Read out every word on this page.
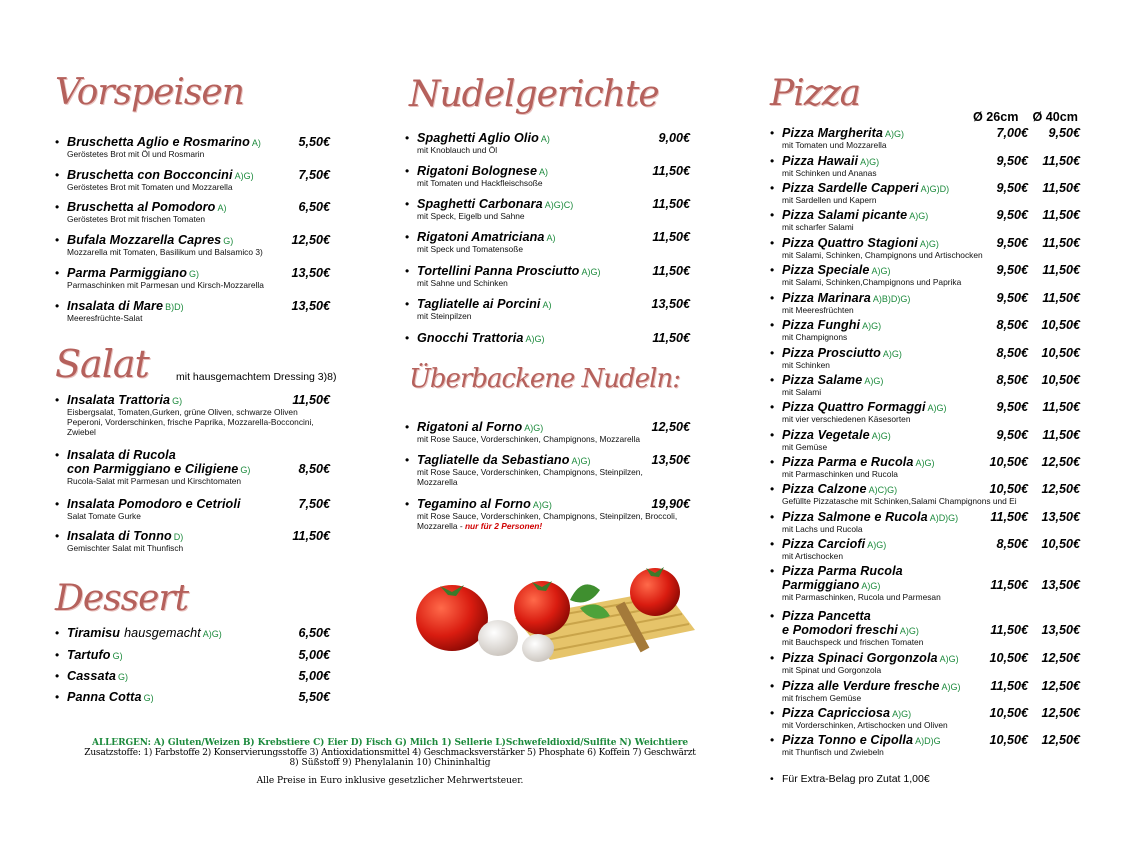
Vorspeisen
• Bruschetta Aglio e Rosmarino A)	5,50€
Geröstetes Brot mit Öl und Rosmarin
• Bruschetta con Bocconcini A)G)	7,50€
Geröstetes Brot mit Tomaten und Mozzarella
• Bruschetta al Pomodoro A)	6,50€
Geröstetes Brot mit frischen Tomaten
• Bufala Mozzarella Capres G)	12,50€
Mozzarella mit Tomaten, Basilikum und Balsamico 3)
• Parma Parmiggiano G)	13,50€
Parmaschinken mit Parmesan und Kirsch-Mozzarella
• Insalata di Mare B)D)	13,50€
Meeresfrüchte-Salat
Salat	mit hausgemachtem Dressing 3)8)
• Insalata Trattoria G)	11,50€
Eisbergsalat, Tomaten,Gurken, grüne Oliven, schwarze Oliven Peperoni, Vorderschinken, frische Paprika, Mozzarella-Bocconcini, Zwiebel
• Insalata di Rucola
con Parmiggiano e Ciligiene G)	8,50€
Rucola-Salat mit Parmesan und Kirschtomaten
• Insalata Pomodoro e Cetrioli	7,50€
Salat Tomate Gurke
• Insalata di Tonno D)	11,50€
Gemischter Salat mit Thunfisch
Dessert
• Tiramisu hausgemacht A)G)	6,50€
• Tartufo G)	5,00€
• Cassata G)	5,00€
• Panna Cotta G)	5,50€
Nudelgerichte
• Spaghetti Aglio Olio A)	9,00€
mit Knoblauch und Öl
• Rigatoni Bolognese A)	11,50€
mit Tomaten und Hackfleischsoße
• Spaghetti Carbonara A)G)C)	11,50€
mit Speck, Eigelb und Sahne
• Rigatoni Amatriciana A)	11,50€
mit Speck und Tomatensoße
• Tortellini Panna Prosciutto A)G)	11,50€
mit Sahne und Schinken
• Tagliatelle ai Porcini A)	13,50€
mit Steinpilzen
• Gnocchi Trattoria A)G)	11,50€
Überbackene Nudeln:
• Rigatoni al Forno A)G)	12,50€
mit Rose Sauce, Vorderschinken, Champignons, Mozzarella
• Tagliatelle da Sebastiano A)G)	13,50€
mit Rose Sauce, Vorderschinken, Champignons, Steinpilzen, Mozzarella
• Tegamino al Forno A)G)	19,90€
mit Rose Sauce, Vorderschinken, Champignons, Steinpilzen, Broccoli, Mozzarella - nur für 2 Personen!
ALLERGEN: A) Gluten/Weizen B) Krebstiere C) Eier D) Fisch G) Milch 1) Sellerie L)Schwefeldioxid/Sulfite N) Weichtiere
Zusatzstoffe: 1) Farbstoffe 2) Konservierungsstoffe 3) Antioxidationsmittel 4) Geschmacksverstärker 5) Phosphate 6) Koffein 7) Geschwärzt
8) Süßstoff 9) Phenylalanin 10) Chininhaltig
Alle Preise in Euro inklusive gesetzlicher Mehrwertsteuer.
Pizza
Ø 26cm Ø 40cm
• Pizza Margherita A)G)	7,00€	9,50€
mit Tomaten und Mozzarella
• Pizza Hawaii A)G)	9,50€	11,50€
mit Schinken und Ananas
• Pizza Sardelle Capperi A)G)D)	9,50€	11,50€
mit Sardellen und Kapern
• Pizza Salami picante A)G)	9,50€	11,50€
mit scharfer Salami
• Pizza Quattro Stagioni A)G)	9,50€	11,50€
mit Salami, Schinken, Champignons und Artischocken
• Pizza Speciale A)G)	9,50€	11,50€
mit Salami, Schinken,Champignons und Paprika
• Pizza Marinara A)B)D)G)	9,50€	11,50€
mit Meeresfrüchten
• Pizza Funghi A)G)	8,50€	10,50€
mit Champignons
• Pizza Prosciutto A)G)	8,50€	10,50€
mit Schinken
• Pizza Salame A)G)	8,50€	10,50€
mit Salami
• Pizza Quattro Formaggi A)G)	9,50€	11,50€
mit vier verschiedenen Käsesorten
• Pizza Vegetale A)G)	9,50€	11,50€
mit Gemüse
• Pizza Parma e Rucola A)G)	10,50€	12,50€
mit Parmaschinken und Rucola
• Pizza Calzone A)C)G)	10,50€	12,50€
Gefüllte Pizzatasche mit Schinken,Salami Champignons und Ei
• Pizza Salmone e Rucola A)D)G)	11,50€	13,50€
mit Lachs und Rucola
• Pizza Carciofi A)G)	8,50€	10,50€
mit Artischocken
• Pizza Parma Rucola
Parmiggiano A)G)	11,50€	13,50€
mit Parmaschinken, Rucola und Parmesan
• Pizza Pancetta
e Pomodori freschi A)G)	11,50€	13,50€
mit Bauchspeck und frischen Tomaten
• Pizza Spinaci Gorgonzola A)G)	10,50€	12,50€
mit Spinat und Gorgonzola
• Pizza alle Verdure fresche A)G)	11,50€	12,50€
mit frischem Gemüse
• Pizza Capricciosa A)G)	10,50€	12,50€
mit Vorderschinken, Artischocken und Oliven
• Pizza Tonno e Cipolla A)D)G	10,50€	12,50€
mit Thunfisch und Zwiebeln
• Für Extra-Belag pro Zutat 1,00€
